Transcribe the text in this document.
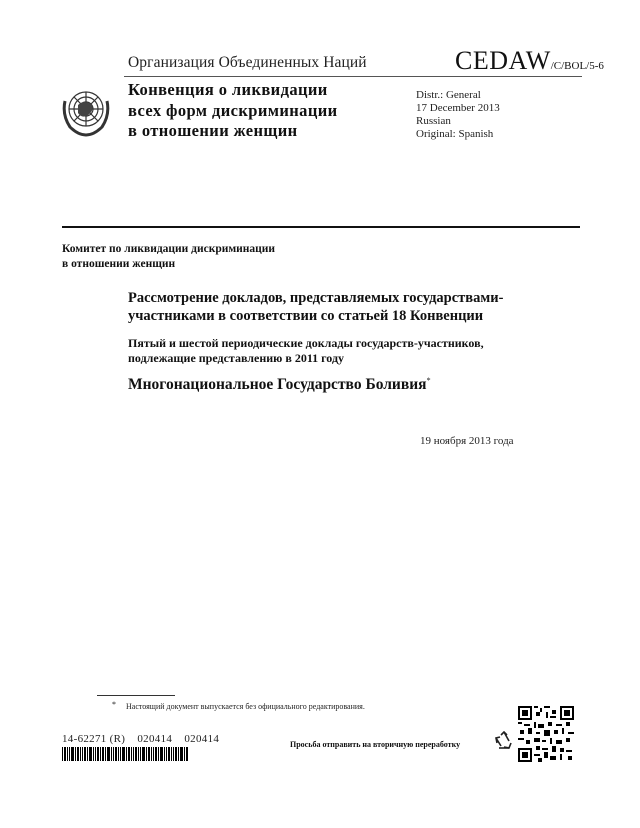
Организация Объединенных Наций	CEDAW/C/BOL/5-6
Конвенция о ликвидации
всех форм дискриминации
в отношении женщин
Distr.: General
17 December 2013
Russian
Original: Spanish
Комитет по ликвидации дискриминации
в отношении женщин
Рассмотрение докладов, представляемых государствами-
участниками в соответствии со статьей 18 Конвенции
Пятый и шестой периодические доклады государств-участников,
подлежащие представлению в 2011 году
Многонациональное Государство Боливия*
19 ноября 2013 года
* Настоящий документ выпускается без официального редактирования.
14-62271 (R)    020414    020414	Просьба отправить на вторичную переработку
